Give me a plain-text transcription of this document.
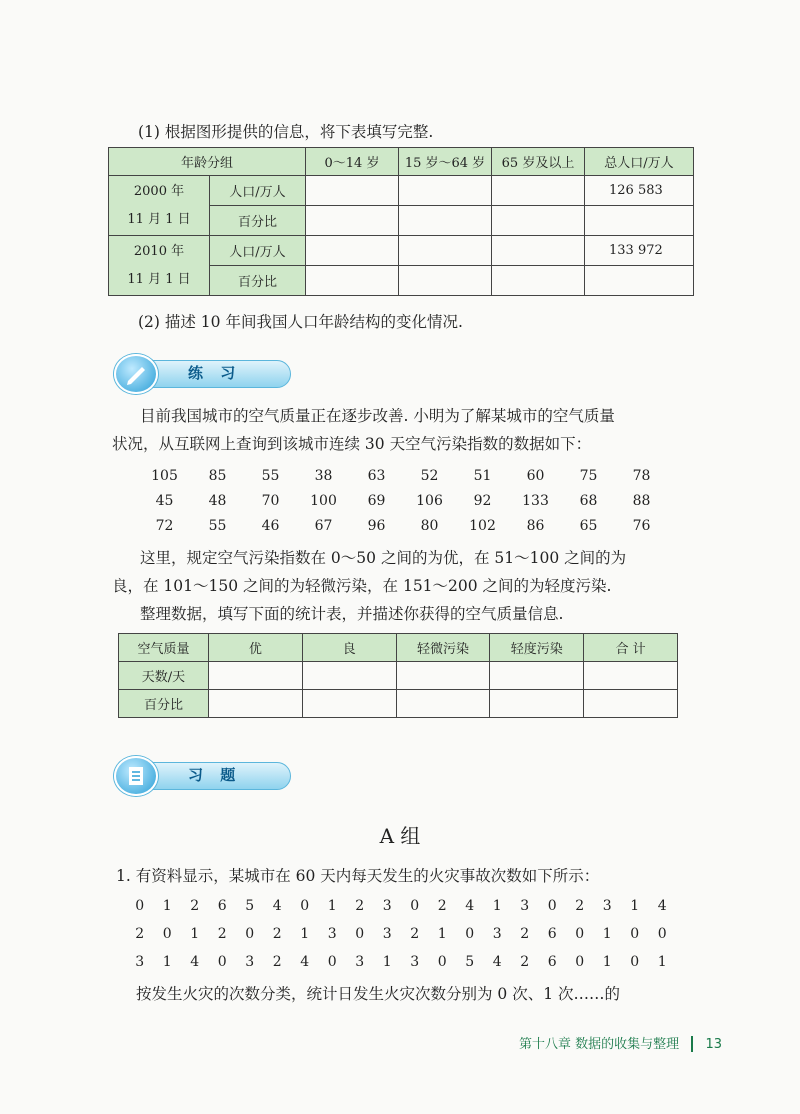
(1) 根据图形提供的信息，将下表填写完整.
年龄分组		0～14 岁	15 岁～64 岁	65 岁及以上	总人口/万人

2000 年
11 月 1 日	人口/万人				126 583
	百分比				

2010 年
11 月 1 日	人口/万人				133 972
	百分比				
(2) 描述 10 年间我国人口年龄结构的变化情况.
练 习
目前我国城市的空气质量正在逐步改善. 小明为了解某城市的空气质量
状况，从互联网上查询到该城市连续 30 天空气污染指数的数据如下：
105	85	55	38	63	52	51	60	75	78
45	48	70	100	69	106	92	133	68	88
72	55	46	67	96	80	102	86	65	76
这里，规定空气污染指数在 0～50 之间的为优，在 51～100 之间的为
良，在 101～150 之间的为轻微污染，在 151～200 之间的为轻度污染.
整理数据，填写下面的统计表，并描述你获得的空气质量信息.
空气质量	优	良	轻微污染	轻度污染	合 计
天数/天					
百分比					
习 题
A 组
1. 有资料显示，某城市在 60 天内每天发生的火灾事故次数如下所示：
0	1	2	6	5	4	0	1	2	3	0	2	4	1	3	0	2	3	1	4
2	0	1	2	0	2	1	3	0	3	2	1	0	3	2	6	0	1	0	0
3	1	4	0	3	2	4	0	3	1	3	0	5	4	2	6	0	1	0	1
按发生火灾的次数分类，统计日发生火灾次数分别为 0 次、1 次……的
第十八章 数据的收集与整理 13
